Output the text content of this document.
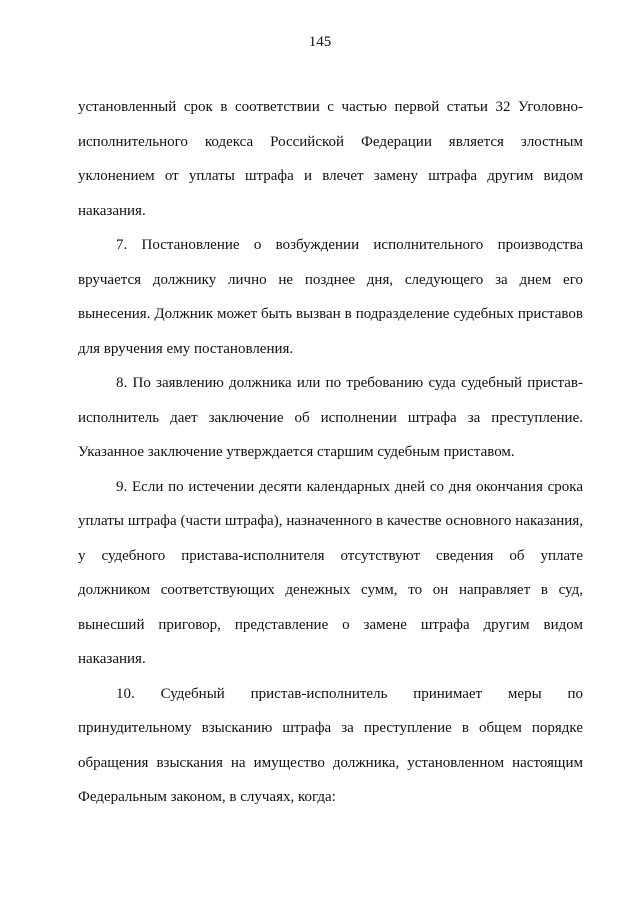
145

установленный срок в соответствии с частью первой статьи 32 Уголовно-исполнительного кодекса Российской Федерации является злостным уклонением от уплаты штрафа и влечет замену штрафа другим видом наказания.

7. Постановление о возбуждении исполнительного производства вручается должнику лично не позднее дня, следующего за днем его вынесения. Должник может быть вызван в подразделение судебных приставов для вручения ему постановления.

8. По заявлению должника или по требованию суда судебный пристав-исполнитель дает заключение об исполнении штрафа за преступление. Указанное заключение утверждается старшим судебным приставом.

9. Если по истечении десяти календарных дней со дня окончания срока уплаты штрафа (части штрафа), назначенного в качестве основного наказания, у судебного пристава-исполнителя отсутствуют сведения об уплате должником соответствующих денежных сумм, то он направляет в суд, вынесший приговор, представление о замене штрафа другим видом наказания.

10. Судебный пристав-исполнитель принимает меры по принудительному взысканию штрафа за преступление в общем порядке обращения взыскания на имущество должника, установленном настоящим Федеральным законом, в случаях, когда:
